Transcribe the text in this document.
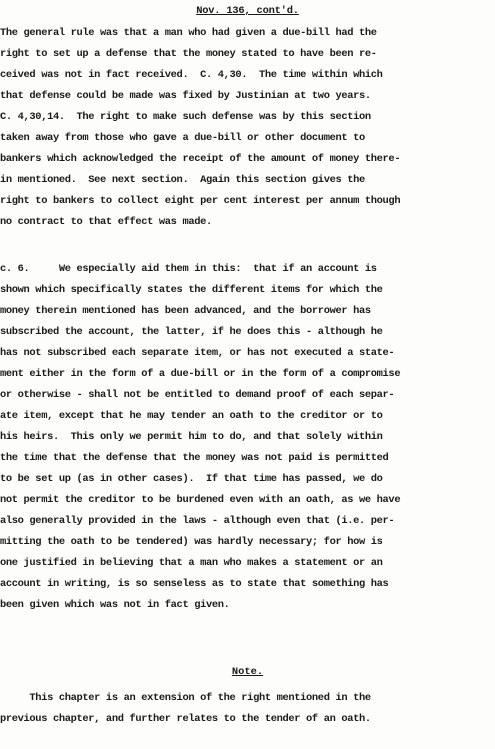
Nov. 136, cont'd.
The general rule was that a man who had given a due-bill had the
right to set up a defense that the money stated to have been re-
ceived was not in fact received.  C. 4,30.  The time within which
that defense could be made was fixed by Justinian at two years.
C. 4,30,14.  The right to make such defense was by this section
taken away from those who gave a due-bill or other document to
bankers which acknowledged the receipt of the amount of money there-
in mentioned.  See next section.  Again this section gives the
right to bankers to collect eight per cent interest per annum though
no contract to that effect was made.
c. 6.     We especially aid them in this:  that if an account is
shown which specifically states the different items for which the
money therein mentioned has been advanced, and the borrower has
subscribed the account, the latter, if he does this - although he
has not subscribed each separate item, or has not executed a state-
ment either in the form of a due-bill or in the form of a compromise
or otherwise - shall not be entitled to demand proof of each separ-
ate item, except that he may tender an oath to the creditor or to
his heirs.  This only we permit him to do, and that solely within
the time that the defense that the money was not paid is permitted
to be set up (as in other cases).  If that time has passed, we do
not permit the creditor to be burdened even with an oath, as we have
also generally provided in the laws - although even that (i.e. per-
mitting the oath to be tendered) was hardly necessary; for how is
one justified in believing that a man who makes a statement or an
account in writing, is so senseless as to state that something has
been given which was not in fact given.
Note.
This chapter is an extension of the right mentioned in the
previous chapter, and further relates to the tender of an oath.
